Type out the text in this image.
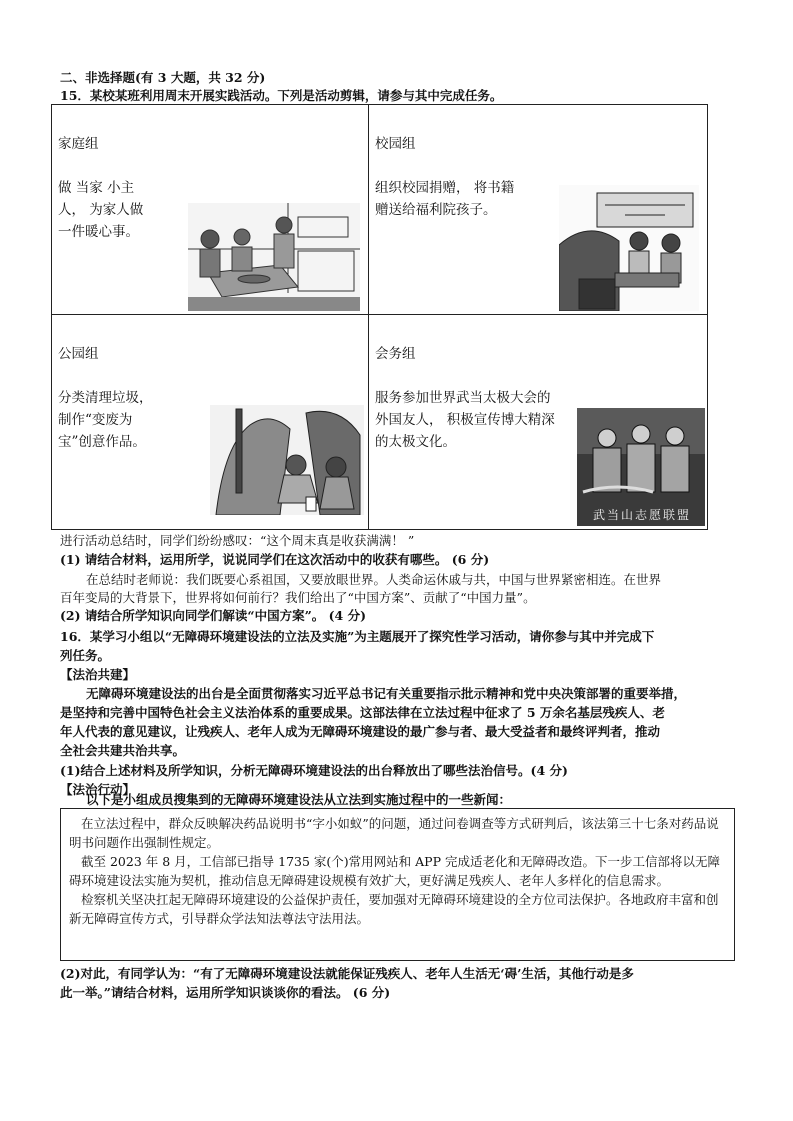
二、非选择题(有 3 大题，共 32 分)
15．某校某班利用周末开展实践活动。下列是活动剪辑，请参与其中完成任务。

家庭组

做 当家 小主
人， 为家人做
一件暖心事。

校园组

组织校园捐赠， 将书籍
赠送给福利院孩子。

公园组

分类清理垃圾，
制作“变废为
宝”创意作品。

会务组

服务参加世界武当太极大会的
外国友人， 积极宣传博大精深
的太极文化。

武当山志愿联盟
进行活动总结时，同学们纷纷感叹：“这个周末真是收获满满！ ”
(1) 请结合材料，运用所学，说说同学们在这次活动中的收获有哪些。 (6 分)
在总结时老师说：我们既要心系祖国，又要放眼世界。人类命运休戚与共，中国与世界紧密相连。在世界
百年变局的大背景下，世界将如何前行？我们给出了“中国方案”、贡献了“中国力量”。
(2) 请结合所学知识向同学们解读“中国方案”。 (4 分)
16．某学习小组以“无障碍环境建设法的立法及实施”为主题展开了探究性学习活动，请你参与其中并完成下
列任务。
【法治共建】
无障碍环境建设法的出台是全面贯彻落实习近平总书记有关重要指示批示精神和党中央决策部署的重要举措，
是坚持和完善中国特色社会主义法治体系的重要成果。这部法律在立法过程中征求了 5 万余名基层残疾人、老
年人代表的意见建议，让残疾人、老年人成为无障碍环境建设的最广参与者、最大受益者和最终评判者，推动
全社会共建共治共享。
(1)结合上述材料及所学知识，分析无障碍环境建设法的出台释放出了哪些法治信号。(4 分)
【法治行动】
以下是小组成员搜集到的无障碍环境建设法从立法到实施过程中的一些新闻：

在立法过程中，群众反映解决药品说明书“字小如蚁”的问题，通过问卷调查等方式研判后，该法第三十七条对药品说明书问题作出强制性规定。

截至 2023 年 8 月，工信部已指导 1735 家(个)常用网站和 APP 完成适老化和无障碍改造。下一步工信部将以无障碍环境建设法实施为契机，推动信息无障碍建设规模有效扩大，更好满足残疾人、老年人多样化的信息需求。

检察机关坚决扛起无障碍环境建设的公益保护责任，要加强对无障碍环境建设的全方位司法保护。各地政府丰富和创新无障碍宣传方式，引导群众学法知法尊法守法用法。

(2)对此，有同学认为：“有了无障碍环境建设法就能保证残疾人、老年人生活无‘碍’生活，其他行动是多
此一举。”请结合材料，运用所学知识谈谈你的看法。 (6 分)
